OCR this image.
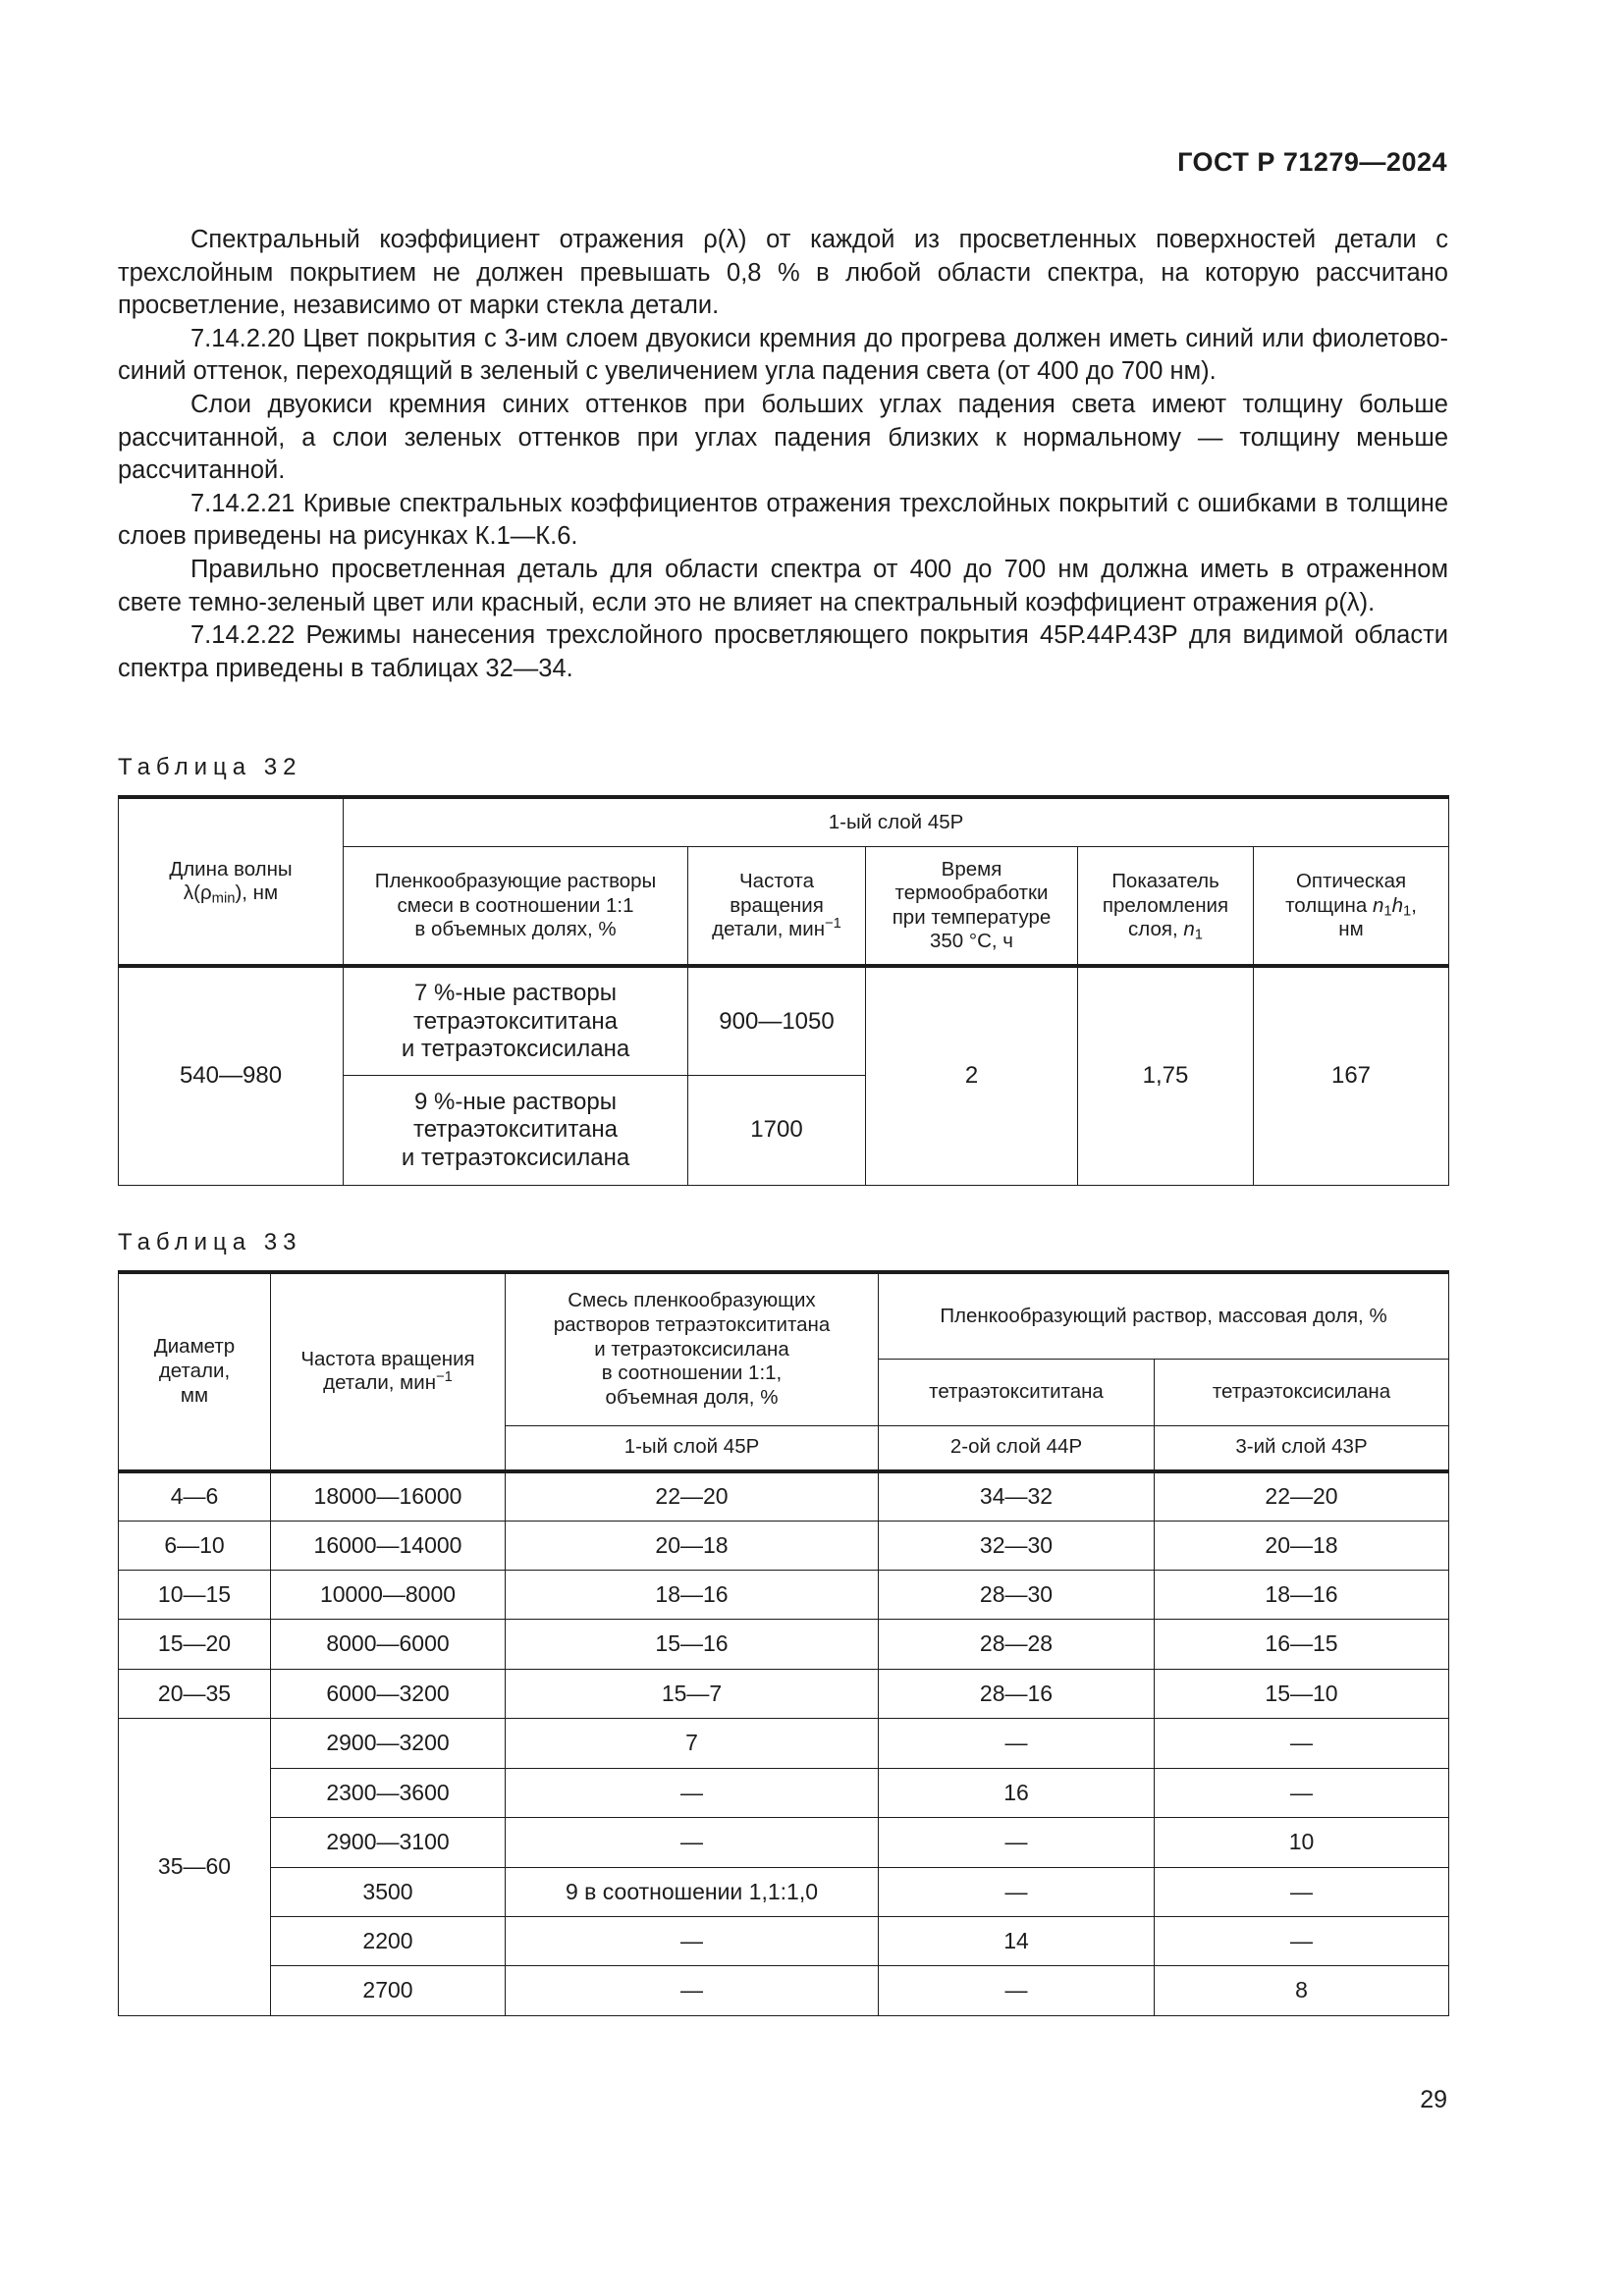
ГОСТ Р 71279—2024

Спектральный коэффициент отражения ρ(λ) от каждой из просветленных поверхностей детали с трехслойным покрытием не должен превышать 0,8 % в любой области спектра, на которую рассчитано просветление, независимо от марки стекла детали.

7.14.2.20 Цвет покрытия с 3-им слоем двуокиси кремния до прогрева должен иметь синий или фиолетово-синий оттенок, переходящий в зеленый с увеличением угла падения света (от 400 до 700 нм).

Слои двуокиси кремния синих оттенков при больших углах падения света имеют толщину больше рассчитанной, а слои зеленых оттенков при углах падения близких к нормальному — толщину меньше рассчитанной.

7.14.2.21 Кривые спектральных коэффициентов отражения трехслойных покрытий с ошибками в толщине слоев приведены на рисунках К.1—К.6.

Правильно просветленная деталь для области спектра от 400 до 700 нм должна иметь в отраженном свете темно-зеленый цвет или красный, если это не влияет на спектральный коэффициент отражения ρ(λ).

7.14.2.22 Режимы нанесения трехслойного просветляющего покрытия 45Р.44Р.43Р для видимой области спектра приведены в таблицах 32—34.

Таблица 32
Длина волны
$\lambda(\rho_{min})$, нм	1-ый слой 45Р				
	Пленкообразующие растворы
смеси в соотношении 1:1
в объемных долях, %	Частота
вращения
детали, мин$^{-1}$	Время
термообработки
при температуре
350 °С, ч	Показатель
преломления
слоя, $n_1$	Оптическая
толщина $n_1h_1$,
нм
540—980	7 %-ные растворы
тетраэтоксититана
и тетраэтоксисилана	900—1050	2	1,75	167
	9 %-ные растворы
тетраэтоксититана
и тетраэтоксисилана	1700			
Таблица 33
Диаметр
детали,
мм	Частота вращения
детали, мин$^{-1}$	Смесь пленкообразующих
растворов тетраэтоксититана
и тетраэтоксисилана
в соотношении 1:1,
объемная доля, %	Пленкообразующий раствор, массовая доля, %	
			тетраэтоксититана	тетраэтоксисилана
		1-ый слой 45Р	2-ой слой 44Р	3-ий слой 43Р
4—6	18000—16000	22—20	34—32	22—20
6—10	16000—14000	20—18	32—30	20—18
10—15	10000—8000	18—16	28—30	18—16
15—20	8000—6000	15—16	28—28	16—15
20—35	6000—3200	15—7	28—16	15—10
35—60	2900—3200	7	—	—
	2300—3600	—	16	—
	2900—3100	—	—	10
	3500	9 в соотношении 1,1:1,0	—	—
	2200	—	14	—
	2700	—	—	8
29
